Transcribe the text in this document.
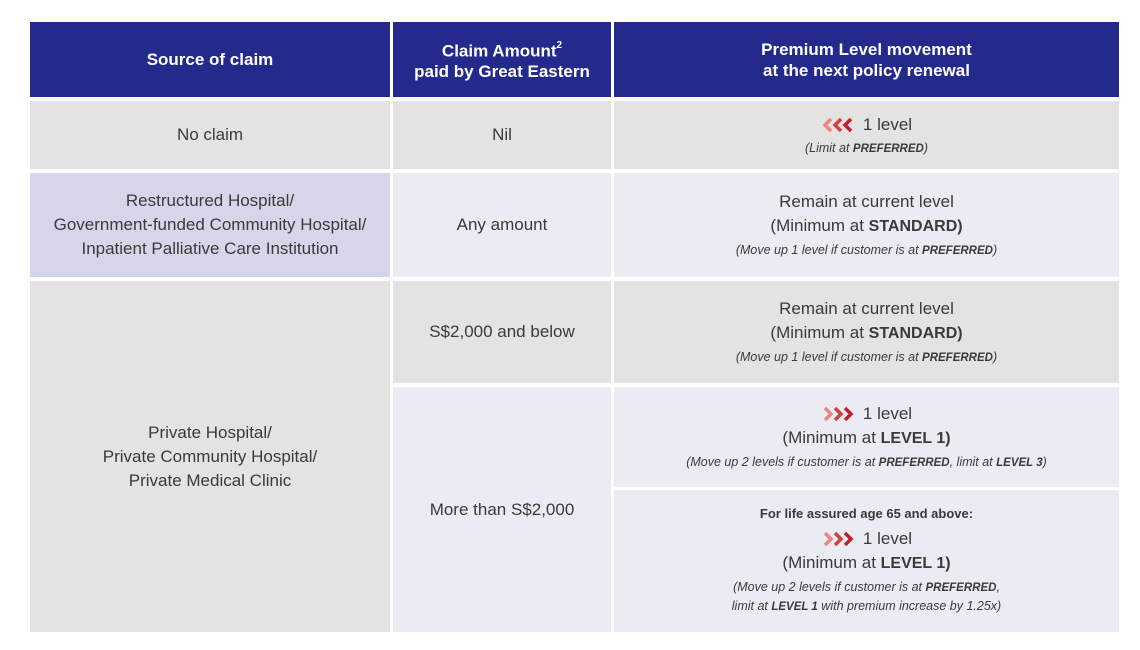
Source of claim	Claim Amount$^2$
paid by Great Eastern
Premium Level movement
at the next policy renewal
No claim	Nil
1 level
(Limit at PREFERRED)
Restructured Hospital/
Government-funded Community Hospital/
Inpatient Palliative Care Institution
Any amount
Remain at current level
(Minimum at STANDARD)
(Move up 1 level if customer is at PREFERRED)
Private Hospital/
Private Community Hospital/
Private Medical Clinic
S$2,000 and below
Remain at current level
(Minimum at STANDARD)
(Move up 1 level if customer is at PREFERRED)
More than S$2,000
1 level
(Minimum at LEVEL 1)
(Move up 2 levels if customer is at PREFERRED, limit at LEVEL 3)
For life assured age 65 and above:
1 level
(Minimum at LEVEL 1)
(Move up 2 levels if customer is at PREFERRED,
limit at LEVEL 1 with premium increase by 1.25x)
